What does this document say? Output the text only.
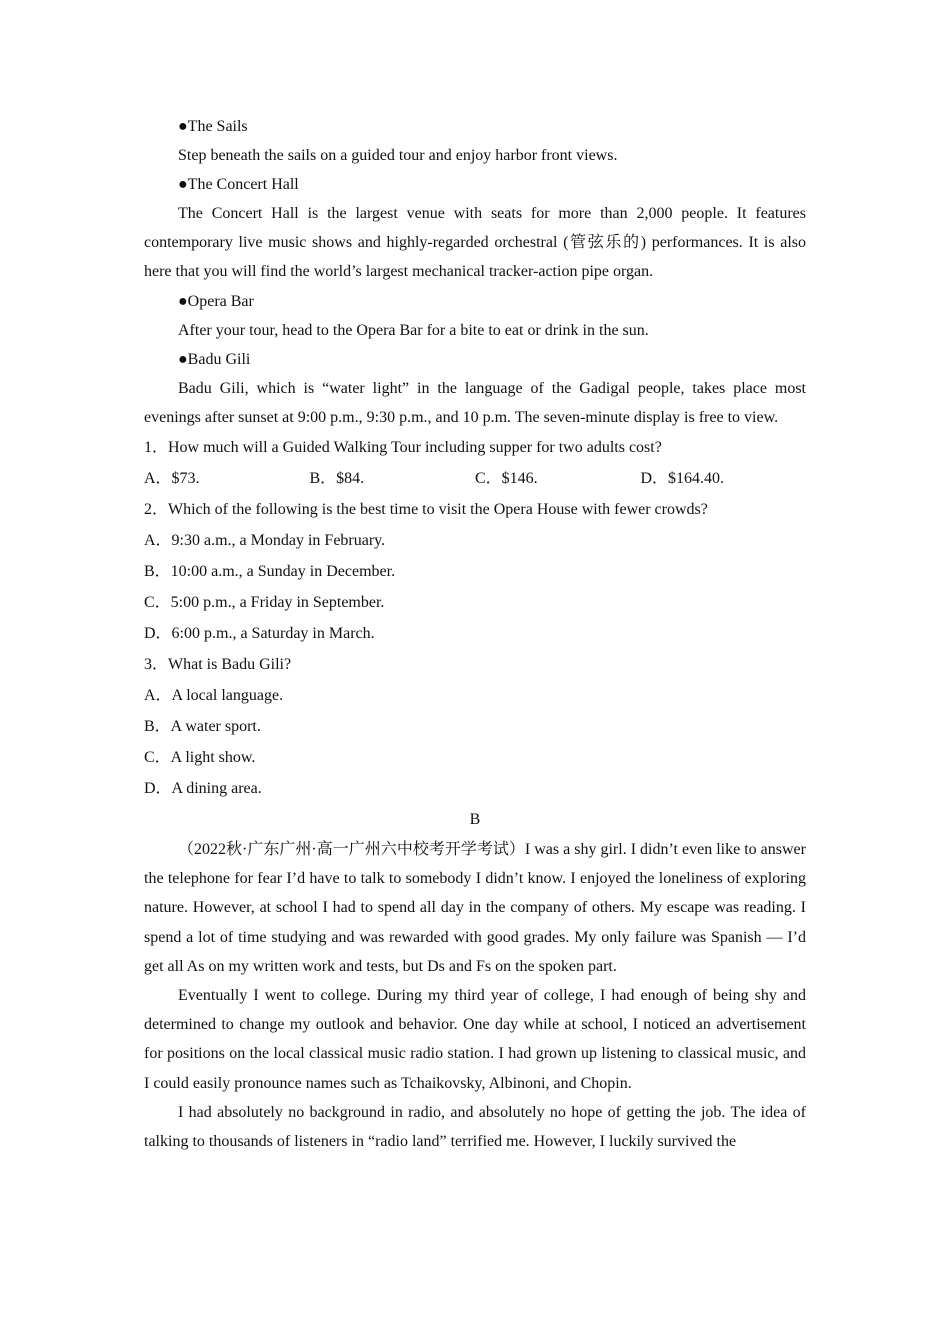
●The Sails
Step beneath the sails on a guided tour and enjoy harbor front views.
●The Concert Hall
The Concert Hall is the largest venue with seats for more than 2,000 people. It features contemporary live music shows and highly-regarded orchestral (管弦乐的) performances. It is also here that you will find the world’s largest mechanical tracker-action pipe organ.
●Opera Bar
After your tour, head to the Opera Bar for a bite to eat or drink in the sun.
●Badu Gili
Badu Gili, which is “water light” in the language of the Gadigal people, takes place most evenings after sunset at 9:00 p.m., 9:30 p.m., and 10 p.m. The seven-minute display is free to view.
1．How much will a Guided Walking Tour including supper for two adults cost?
A．$73.	B．$84.	C．$146.	D．$164.40.
2．Which of the following is the best time to visit the Opera House with fewer crowds?
A．9:30 a.m., a Monday in February.
B．10:00 a.m., a Sunday in December.
C．5:00 p.m., a Friday in September.
D．6:00 p.m., a Saturday in March.
3．What is Badu Gili?
A．A local language.
B．A water sport.
C．A light show.
D．A dining area.
B
（2022秋·广东广州·高一广州六中校考开学考试）I was a shy girl. I didn’t even like to answer the telephone for fear I’d have to talk to somebody I didn’t know. I enjoyed the loneliness of exploring nature. However, at school I had to spend all day in the company of others. My escape was reading. I spend a lot of time studying and was rewarded with good grades. My only failure was Spanish — I’d get all As on my written work and tests, but Ds and Fs on the spoken part.
Eventually I went to college. During my third year of college, I had enough of being shy and determined to change my outlook and behavior. One day while at school, I noticed an advertisement for positions on the local classical music radio station. I had grown up listening to classical music, and I could easily pronounce names such as Tchaikovsky, Albinoni, and Chopin.
I had absolutely no background in radio, and absolutely no hope of getting the job. The idea of talking to thousands of listeners in “radio land” terrified me. However, I luckily survived the
